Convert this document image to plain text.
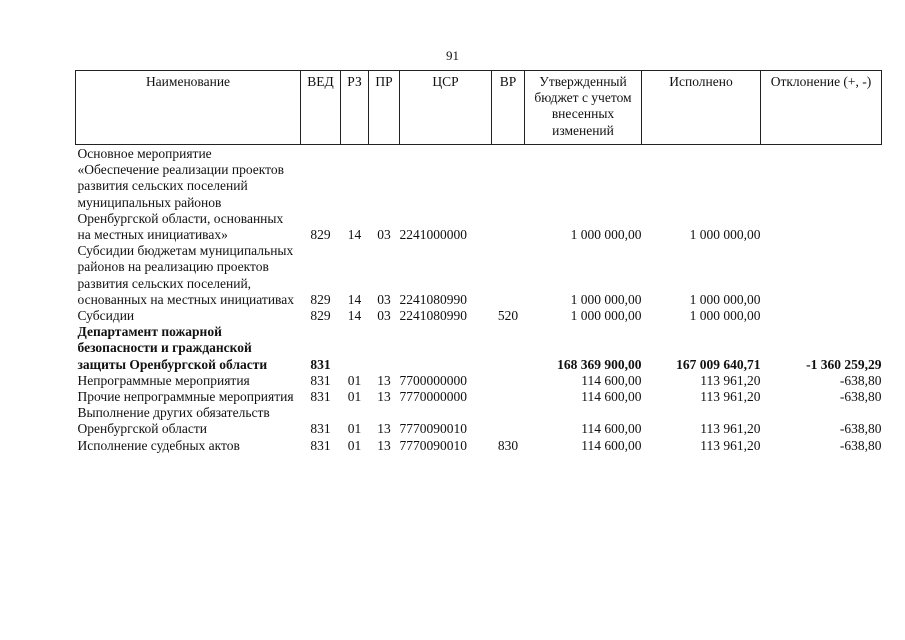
91
Наименование	ВЕД	РЗ	ПР	ЦСР	ВР	Утвержденный бюджет с учетом внесенных изменений	Исполнено	Отклонение (+, -)
Основное мероприятие «Обеспечение реализации проектов развития сельских поселений муниципальных районов Оренбургской области, основанных на местных инициативах»	829	14	03	2241000000		1 000 000,00	1 000 000,00	
Субсидии бюджетам муниципальных районов на реализацию проектов развития сельских поселений, основанных на местных инициативах	829	14	03	2241080990		1 000 000,00	1 000 000,00	
Субсидии	829	14	03	2241080990	520	1 000 000,00	1 000 000,00	
Департамент пожарной безопасности и гражданской защиты Оренбургской области	831					168 369 900,00	167 009 640,71	-1 360 259,29
Непрограммные мероприятия	831	01	13	7700000000		114 600,00	113 961,20	-638,80
Прочие непрограммные мероприятия	831	01	13	7770000000		114 600,00	113 961,20	-638,80
Выполнение других обязательств Оренбургской области	831	01	13	7770090010		114 600,00	113 961,20	-638,80
Исполнение судебных актов	831	01	13	7770090010	830	114 600,00	113 961,20	-638,80
